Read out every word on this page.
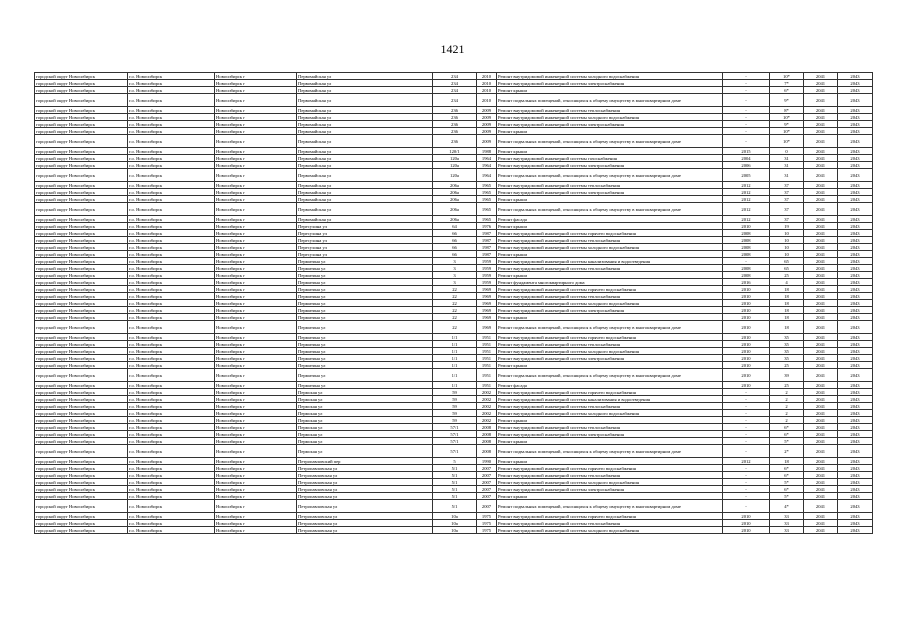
1421
городской округ Новосибирск	г.о. Новосибирск	Новосибирск г	Первомайская ул	234	2010	Ремонт внутридомовой инженерной системы холодного водоснабжения	-	10*	2041	2043
городской округ Новосибирск	г.о. Новосибирск	Новосибирск г	Первомайская ул	234	2010	Ремонт внутридомовой инженерной системы электроснабжения	-	7*	2041	2043
городской округ Новосибирск	г.о. Новосибирск	Новосибирск г	Первомайская ул	234	2010	Ремонт крыши	-	6*	2041	2043
городской округ Новосибирск	г.о. Новосибирск	Новосибирск г	Первомайская ул	234	2010	Ремонт подвальных помещений, относящихся к общему имуществу в многоквартирном доме	-	9*	2041	2043
городской округ Новосибирск	г.о. Новосибирск	Новосибирск г	Первомайская ул	236	2009	Ремонт внутридомовой инженерной системы теплоснабжения	-	8*	2041	2043
городской округ Новосибирск	г.о. Новосибирск	Новосибирск г	Первомайская ул	236	2009	Ремонт внутридомовой инженерной системы холодного водоснабжения	-	10*	2041	2043
городской округ Новосибирск	г.о. Новосибирск	Новосибирск г	Первомайская ул	236	2009	Ремонт внутридомовой инженерной системы электроснабжения	-	9*	2041	2043
городской округ Новосибирск	г.о. Новосибирск	Новосибирск г	Первомайская ул	236	2009	Ремонт крыши	-	10*	2041	2043
городской округ Новосибирск	г.о. Новосибирск	Новосибирск г	Первомайская ул	236	2009	Ремонт подвальных помещений, относящихся к общему имуществу в многоквартирном доме	-	10*	2041	2043
городской округ Новосибирск	г.о. Новосибирск	Новосибирск г	Первомайская ул	120/1	1988	Ремонт крыши	2015	0	2041	2043
городской округ Новосибирск	г.о. Новосибирск	Новосибирск г	Первомайская ул	120а	1964	Ремонт внутридомовой инженерной системы газоснабжения	2004	31	2041	2043
городской округ Новосибирск	г.о. Новосибирск	Новосибирск г	Первомайская ул	120а	1964	Ремонт внутридомовой инженерной системы электроснабжения	2006	31	2041	2043
городской округ Новосибирск	г.о. Новосибирск	Новосибирск г	Первомайская ул	120а	1964	Ремонт подвальных помещений, относящихся к общему имуществу в многоквартирном доме	2005	31	2041	2043
городской округ Новосибирск	г.о. Новосибирск	Новосибирск г	Первомайская ул	206а	1965	Ремонт внутридомовой инженерной системы теплоснабжения	2012	37	2041	2043
городской округ Новосибирск	г.о. Новосибирск	Новосибирск г	Первомайская ул	206а	1965	Ремонт внутридомовой инженерной системы электроснабжения	2012	37	2041	2043
городской округ Новосибирск	г.о. Новосибирск	Новосибирск г	Первомайская ул	206а	1965	Ремонт крыши	2012	37	2041	2043
городской округ Новосибирск	г.о. Новосибирск	Новосибирск г	Первомайская ул	206а	1965	Ремонт подвальных помещений, относящихся к общему имуществу в многоквартирном доме	2012	37	2041	2043
городской округ Новосибирск	г.о. Новосибирск	Новосибирск г	Первомайская ул	206а	1965	Ремонт фасада	2012	37	2041	2043
городской округ Новосибирск	г.о. Новосибирск	Новосибирск г	Пересухина ул	64	1976	Ремонт крыши	2010	19	2041	2043
городской округ Новосибирск	г.о. Новосибирск	Новосибирск г	Пересухина ул	66	1987	Ремонт внутридомовой инженерной системы горячего водоснабжения	2008	10	2041	2043
городской округ Новосибирск	г.о. Новосибирск	Новосибирск г	Пересухина ул	66	1987	Ремонт внутридомовой инженерной системы теплоснабжения	2008	10	2041	2043
городской округ Новосибирск	г.о. Новосибирск	Новосибирск г	Пересухина ул	66	1987	Ремонт внутридомовой инженерной системы холодного водоснабжения	2008	10	2041	2043
городской округ Новосибирск	г.о. Новосибирск	Новосибирск г	Пересухина ул	66	1987	Ремонт крыши	2008	10	2041	2043
городской округ Новосибирск	г.о. Новосибирск	Новосибирск г	Пермитина ул	3	1959	Ремонт внутридомовой инженерной системы канализования и водоотведения	-	65	2041	2043
городской округ Новосибирск	г.о. Новосибирск	Новосибирск г	Пермитина ул	3	1959	Ремонт внутридомовой инженерной системы теплоснабжения	2008	65	2041	2043
городской округ Новосибирск	г.о. Новосибирск	Новосибирск г	Пермитина ул	3	1959	Ремонт крыши	2008	25	2041	2043
городской округ Новосибирск	г.о. Новосибирск	Новосибирск г	Пермитина ул	3	1959	Ремонт фундамента многоквартирного дома	2016	4	2041	2043
городской округ Новосибирск	г.о. Новосибирск	Новосибирск г	Пермитина ул	22	1969	Ремонт внутридомовой инженерной системы горячего водоснабжения	2010	18	2041	2043
городской округ Новосибирск	г.о. Новосибирск	Новосибирск г	Пермитина ул	22	1969	Ремонт внутридомовой инженерной системы теплоснабжения	2010	18	2041	2043
городской округ Новосибирск	г.о. Новосибирск	Новосибирск г	Пермитина ул	22	1969	Ремонт внутридомовой инженерной системы холодного водоснабжения	2010	18	2041	2043
городской округ Новосибирск	г.о. Новосибирск	Новосибирск г	Пермитина ул	22	1969	Ремонт внутридомовой инженерной системы электроснабжения	2010	18	2041	2043
городской округ Новосибирск	г.о. Новосибирск	Новосибирск г	Пермитина ул	22	1969	Ремонт крыши	2010	18	2041	2043
городской округ Новосибирск	г.о. Новосибирск	Новосибирск г	Пермитина ул	22	1969	Ремонт подвальных помещений, относящихся к общему имуществу в многоквартирном доме	2010	18	2041	2043
городской округ Новосибирск	г.о. Новосибирск	Новосибирск г	Пермитина ул	1/1	1951	Ремонт внутридомовой инженерной системы горячего водоснабжения	2010	35	2041	2043
городской округ Новосибирск	г.о. Новосибирск	Новосибирск г	Пермитина ул	1/1	1951	Ремонт внутридомовой инженерной системы теплоснабжения	2010	35	2041	2043
городской округ Новосибирск	г.о. Новосибирск	Новосибирск г	Пермитина ул	1/1	1951	Ремонт внутридомовой инженерной системы холодного водоснабжения	2010	35	2041	2043
городской округ Новосибирск	г.о. Новосибирск	Новосибирск г	Пермитина ул	1/1	1951	Ремонт внутридомовой инженерной системы электроснабжения	2010	35	2041	2043
городской округ Новосибирск	г.о. Новосибирск	Новосибирск г	Пермитина ул	1/1	1951	Ремонт крыши	2010	25	2041	2043
городской округ Новосибирск	г.о. Новосибирск	Новосибирск г	Пермитина ул	1/1	1951	Ремонт подвальных помещений, относящихся к общему имуществу в многоквартирном доме	2010	39	2041	2043
городской округ Новосибирск	г.о. Новосибирск	Новосибирск г	Пермитина ул	1/1	1951	Ремонт фасада	2010	25	2041	2043
городской округ Новосибирск	г.о. Новосибирск	Новосибирск г	Пермская ул	59	2002	Ремонт внутридомовой инженерной системы горячего водоснабжения	-	2	2041	2043
городской округ Новосибирск	г.о. Новосибирск	Новосибирск г	Пермская ул	59	2002	Ремонт внутридомовой инженерной системы канализования и водоотведения	-	2	2041	2043
городской округ Новосибирск	г.о. Новосибирск	Новосибирск г	Пермская ул	59	2002	Ремонт внутридомовой инженерной системы теплоснабжения	-	2	2041	2043
городской округ Новосибирск	г.о. Новосибирск	Новосибирск г	Пермская ул	59	2002	Ремонт внутридомовой инженерной системы холодного водоснабжения	-	2	2041	2043
городской округ Новосибирск	г.о. Новосибирск	Новосибирск г	Пермская ул	59	2002	Ремонт крыши	-	2	2041	2043
городской округ Новосибирск	г.о. Новосибирск	Новосибирск г	Пермская ул	57/1	2008	Ремонт внутридомовой инженерной системы теплоснабжения	-	6*	2041	2043
городской округ Новосибирск	г.о. Новосибирск	Новосибирск г	Пермская ул	57/1	2008	Ремонт внутридомовой инженерной системы электроснабжения	-	6*	2041	2043
городской округ Новосибирск	г.о. Новосибирск	Новосибирск г	Пермская ул	57/1	2008	Ремонт крыши	-	5*	2041	2043
городской округ Новосибирск	г.о. Новосибирск	Новосибирск г	Пермская ул	57/1	2008	Ремонт подвальных помещений, относящихся к общему имуществу в многоквартирном доме	-	2*	2041	2043
городской округ Новосибирск	г.о. Новосибирск	Новосибирск г	Петропавловский пер	5	1990	Ремонт крыши	2012	18	2041	2043
городской округ Новосибирск	г.о. Новосибирск	Новосибирск г	Петропавловская ул	5/1	2007	Ремонт внутридомовой инженерной системы горячего водоснабжения	-	6*	2041	2043
городской округ Новосибирск	г.о. Новосибирск	Новосибирск г	Петропавловская ул	5/1	2007	Ремонт внутридомовой инженерной системы теплоснабжения	-	6*	2041	2043
городской округ Новосибирск	г.о. Новосибирск	Новосибирск г	Петропавловская ул	5/1	2007	Ремонт внутридомовой инженерной системы холодного водоснабжения	-	5*	2041	2043
городской округ Новосибирск	г.о. Новосибирск	Новосибирск г	Петропавловская ул	5/1	2007	Ремонт внутридомовой инженерной системы электроснабжения	-	6*	2041	2043
городской округ Новосибирск	г.о. Новосибирск	Новосибирск г	Петропавловская ул	5/1	2007	Ремонт крыши	-	5*	2041	2043
городской округ Новосибирск	г.о. Новосибирск	Новосибирск г	Петропавловская ул	5/1	2007	Ремонт подвальных помещений, относящихся к общему имуществу в многоквартирном доме	-	4*	2041	2043
городской округ Новосибирск	г.о. Новосибирск	Новосибирск г	Петропавловская ул	10а	1975	Ремонт внутридомовой инженерной системы горячего водоснабжения	2010	33	2041	2043
городской округ Новосибирск	г.о. Новосибирск	Новосибирск г	Петропавловская ул	10а	1975	Ремонт внутридомовой инженерной системы теплоснабжения	2010	33	2041	2043
городской округ Новосибирск	г.о. Новосибирск	Новосибирск г	Петропавловская ул	10а	1975	Ремонт внутридомовой инженерной системы холодного водоснабжения	2010	33	2041	2043
